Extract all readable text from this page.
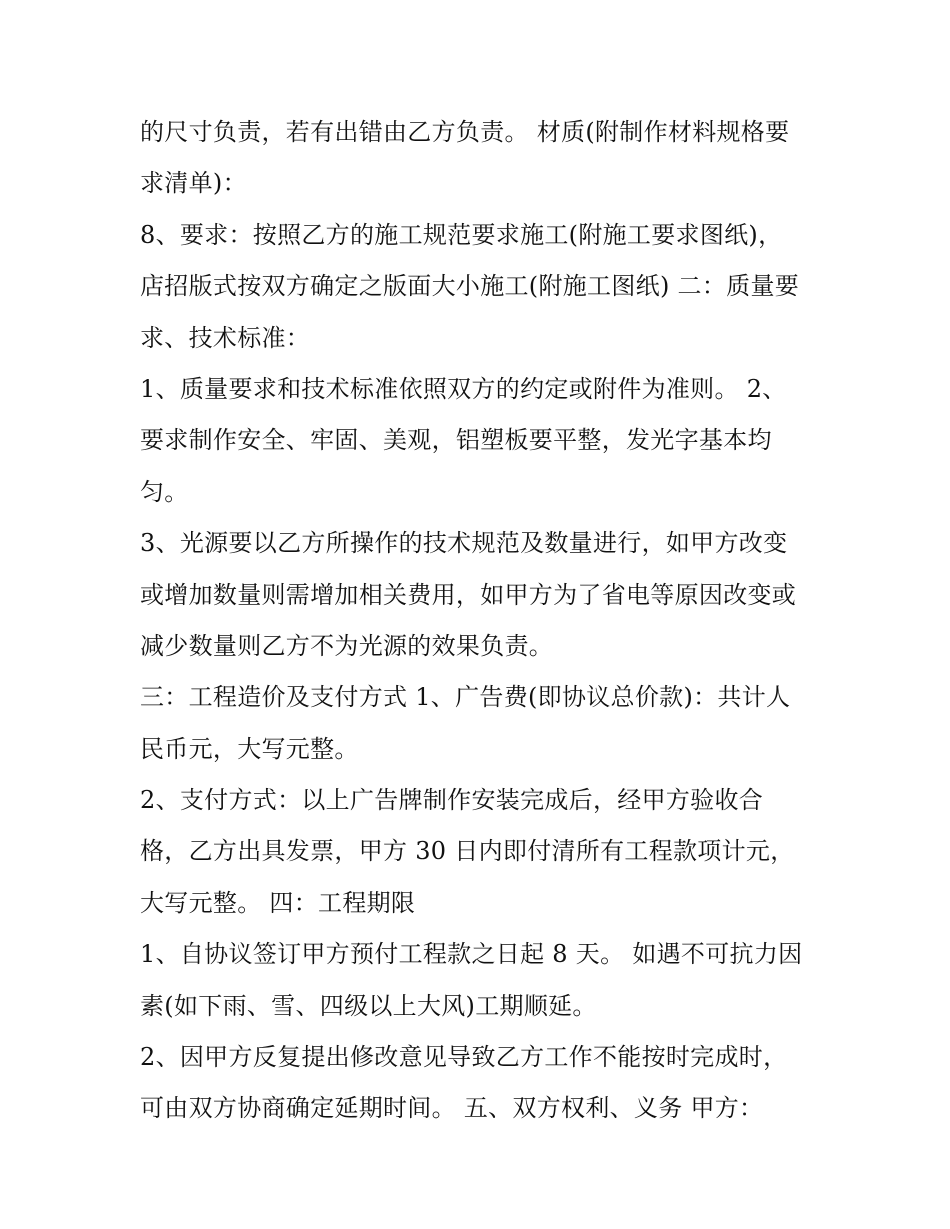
的尺寸负责，若有出错由乙方负责。 材质(附制作材料规格要
求清单)：
8、要求：按照乙方的施工规范要求施工(附施工要求图纸)，
店招版式按双方确定之版面大小施工(附施工图纸) 二：质量要
求、技术标准：
1、质量要求和技术标准依照双方的约定或附件为准则。 2、
要求制作安全、牢固、美观，铝塑板要平整，发光字基本均
匀。
3、光源要以乙方所操作的技术规范及数量进行，如甲方改变
或增加数量则需增加相关费用，如甲方为了省电等原因改变或
减少数量则乙方不为光源的效果负责。
三：工程造价及支付方式 1、广告费(即协议总价款)：共计人
民币元，大写元整。
2、支付方式：以上广告牌制作安装完成后，经甲方验收合
格，乙方出具发票，甲方 30 日内即付清所有工程款项计元，
大写元整。 四：工程期限
1、自协议签订甲方预付工程款之日起 8 天。 如遇不可抗力因
素(如下雨、雪、四级以上大风)工期顺延。
2、因甲方反复提出修改意见导致乙方工作不能按时完成时，
可由双方协商确定延期时间。 五、双方权利、义务 甲方：
